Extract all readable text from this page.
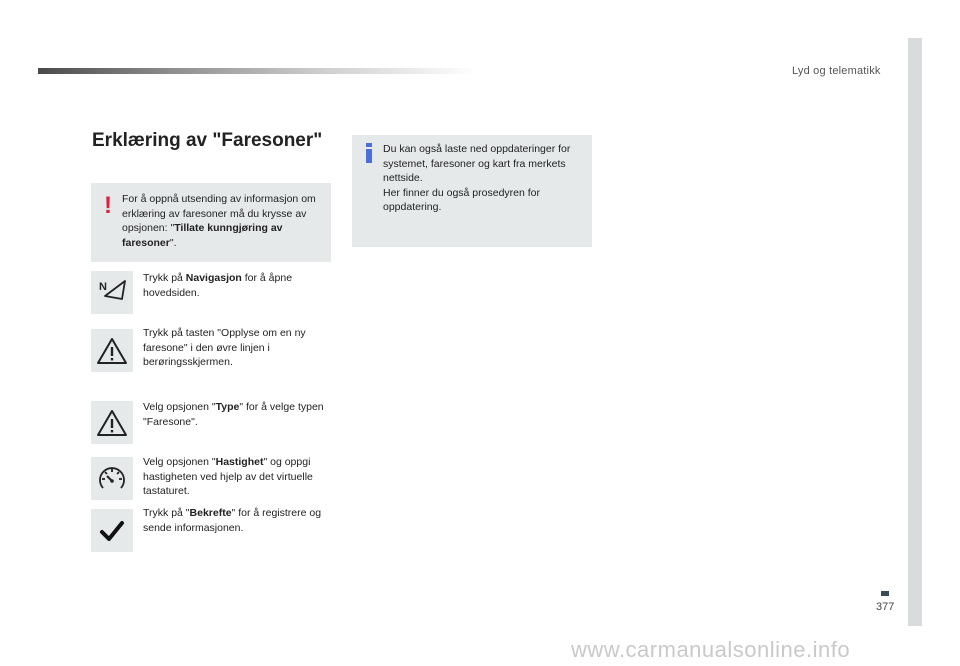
Lyd og telematikk
377
Erklæring av "Faresoner"
! For å oppnå utsending av informasjon om erklæring av faresoner må du krysse av opsjonen: "Tillate kunngjøring av faresoner".
Du kan også laste ned oppdateringer for systemet, faresoner og kart fra merkets nettside.
Her finner du også prosedyren for oppdatering.
N
Trykk på Navigasjon for å åpne hovedsiden.
Trykk på tasten "Opplyse om en ny faresone" i den øvre linjen i berøringsskjermen.
Velg opsjonen "Type" for å velge typen "Faresone".
Velg opsjonen "Hastighet" og oppgi hastigheten ved hjelp av det virtuelle tastaturet.
Trykk på "Bekrefte" for å registrere og sende informasjonen.
www.carmanualsonline.info
